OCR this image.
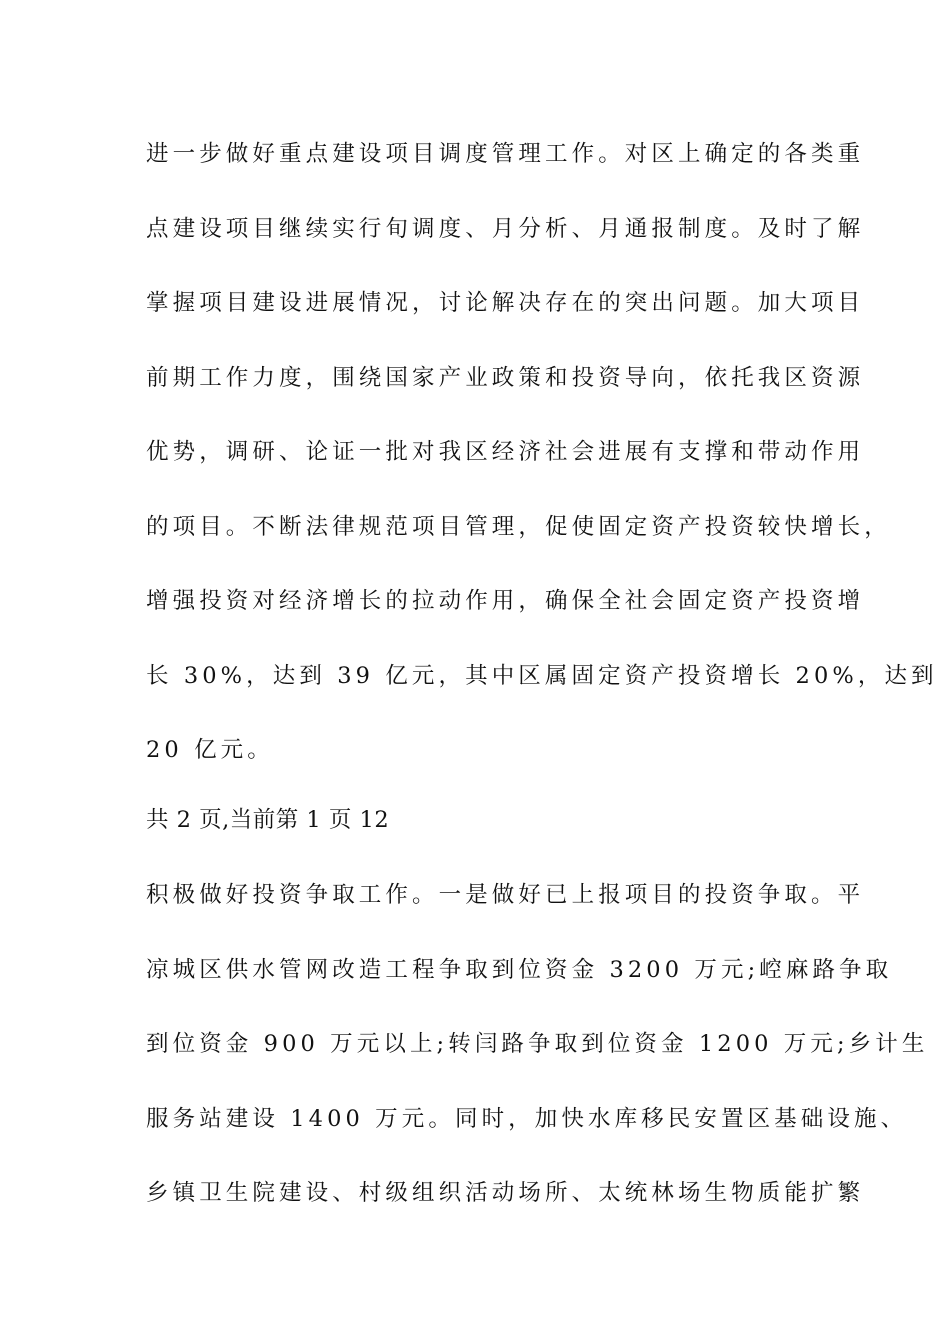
进一步做好重点建设项目调度管理工作。对区上确定的各类重
点建设项目继续实行旬调度、月分析、月通报制度。及时了解
掌握项目建设进展情况，讨论解决存在的突出问题。加大项目
前期工作力度，围绕国家产业政策和投资导向，依托我区资源
优势，调研、论证一批对我区经济社会进展有支撑和带动作用
的项目。不断法律规范项目管理，促使固定资产投资较快增长，
增强投资对经济增长的拉动作用，确保全社会固定资产投资增
长 30%，达到 39 亿元，其中区属固定资产投资增长 20%，达到
20 亿元。
共 2 页,当前第 1 页 12
积极做好投资争取工作。一是做好已上报项目的投资争取。平
凉城区供水管网改造工程争取到位资金 3200 万元;崆麻路争取
到位资金 900 万元以上;转闫路争取到位资金 1200 万元;乡计生
服务站建设 1400 万元。同时，加快水库移民安置区基础设施、
乡镇卫生院建设、村级组织活动场所、太统林场生物质能扩繁
